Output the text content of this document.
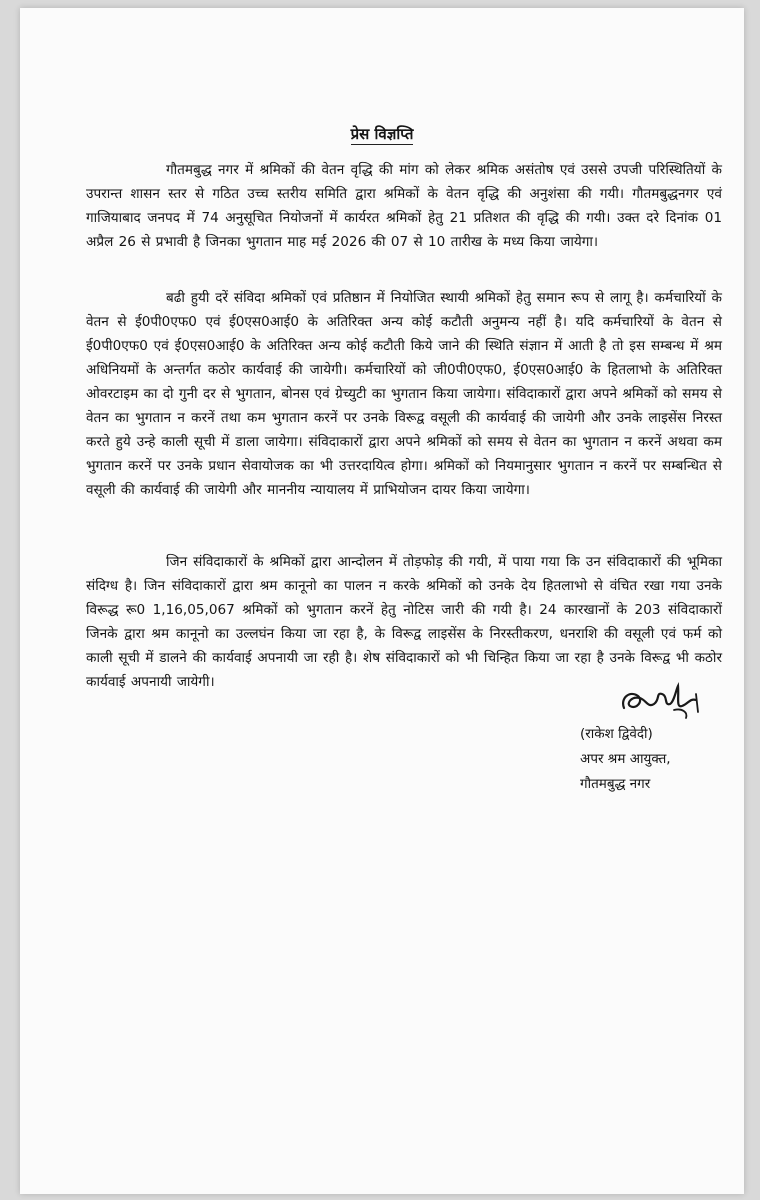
प्रेस विज्ञप्ति

गौतमबुद्ध नगर में श्रमिकों की वेतन वृद्धि की मांग को लेकर श्रमिक असंतोष एवं उससे उपजी परिस्थितियों के उपरान्त शासन स्तर से गठित उच्च स्तरीय समिति द्वारा श्रमिकों के वेतन वृद्धि की अनुशंसा की गयी। गौतमबुद्धनगर एवं गाजियाबाद जनपद में 74 अनुसूचित नियोजनों में कार्यरत श्रमिकों हेतु 21 प्रतिशत की वृद्धि की गयी। उक्त दरे दिनांक 01 अप्रैल 26 से प्रभावी है जिनका भुगतान माह मई 2026 की 07 से 10 तारीख के मध्य किया जायेगा।

बढी हुयी दरें संविदा श्रमिकों एवं प्रतिष्ठान में नियोजित स्थायी श्रमिकों हेतु समान रूप से लागू है। कर्मचारियों के वेतन से ई0पी0एफ0 एवं ई0एस0आई0 के अतिरिक्त अन्य कोई कटौती अनुमन्य नहीं है। यदि कर्मचारियों के वेतन से ई0पी0एफ0 एवं ई0एस0आई0 के अतिरिक्त अन्य कोई कटौती किये जाने की स्थिति संज्ञान में आती है तो इस सम्बन्ध में श्रम अधिनियमों के अन्तर्गत कठोर कार्यवाई की जायेगी। कर्मचारियों को जी0पी0एफ0, ई0एस0आई0 के हितलाभो के अतिरिक्त ओवरटाइम का दो गुनी दर से भुगतान, बोनस एवं ग्रेच्युटी का भुगतान किया जायेगा। संविदाकारों द्वारा अपने श्रमिकों को समय से वेतन का भुगतान न करनें तथा कम भुगतान करनें पर उनके विरूद्व वसूली की कार्यवाई की जायेगी और उनके लाइसेंस निरस्त करते हुये उन्हे काली सूची में डाला जायेगा। संविदाकारों द्वारा अपने श्रमिकों को समय से वेतन का भुगतान न करनें अथवा कम भुगतान करनें पर उनके प्रधान सेवायोजक का भी उत्तरदायित्व होगा। श्रमिकों को नियमानुसार भुगतान न करनें पर सम्बन्धित से वसूली की कार्यवाई की जायेगी और माननीय न्यायालय में प्राभियोजन दायर किया जायेगा।

जिन संविदाकारों के श्रमिकों द्वारा आन्दोलन में तोड़फोड़ की गयी, में पाया गया कि उन संविदाकारों की भूमिका संदिग्ध है। जिन संविदाकारों द्वारा श्रम कानूनो का पालन न करके श्रमिकों को उनके देय हितलाभो से वंचित रखा गया उनके विरूद्ध रू0 1,16,05,067 श्रमिकों को भुगतान करनें हेतु नोटिस जारी की गयी है। 24 कारखानों के 203 संविदाकारों जिनके द्वारा श्रम कानूनो का उल्लघंन किया जा रहा है, के विरूद्व लाइसेंस के निरस्तीकरण, धनराशि की वसूली एवं फर्म को काली सूची में डालने की कार्यवाई अपनायी जा रही है। शेष संविदाकारों को भी चिन्हित किया जा रहा है उनके विरूद्व भी कठोर कार्यवाई अपनायी जायेगी।

(राकेश द्विवेदी)
अपर श्रम आयुक्त,
गौतमबुद्ध नगर
